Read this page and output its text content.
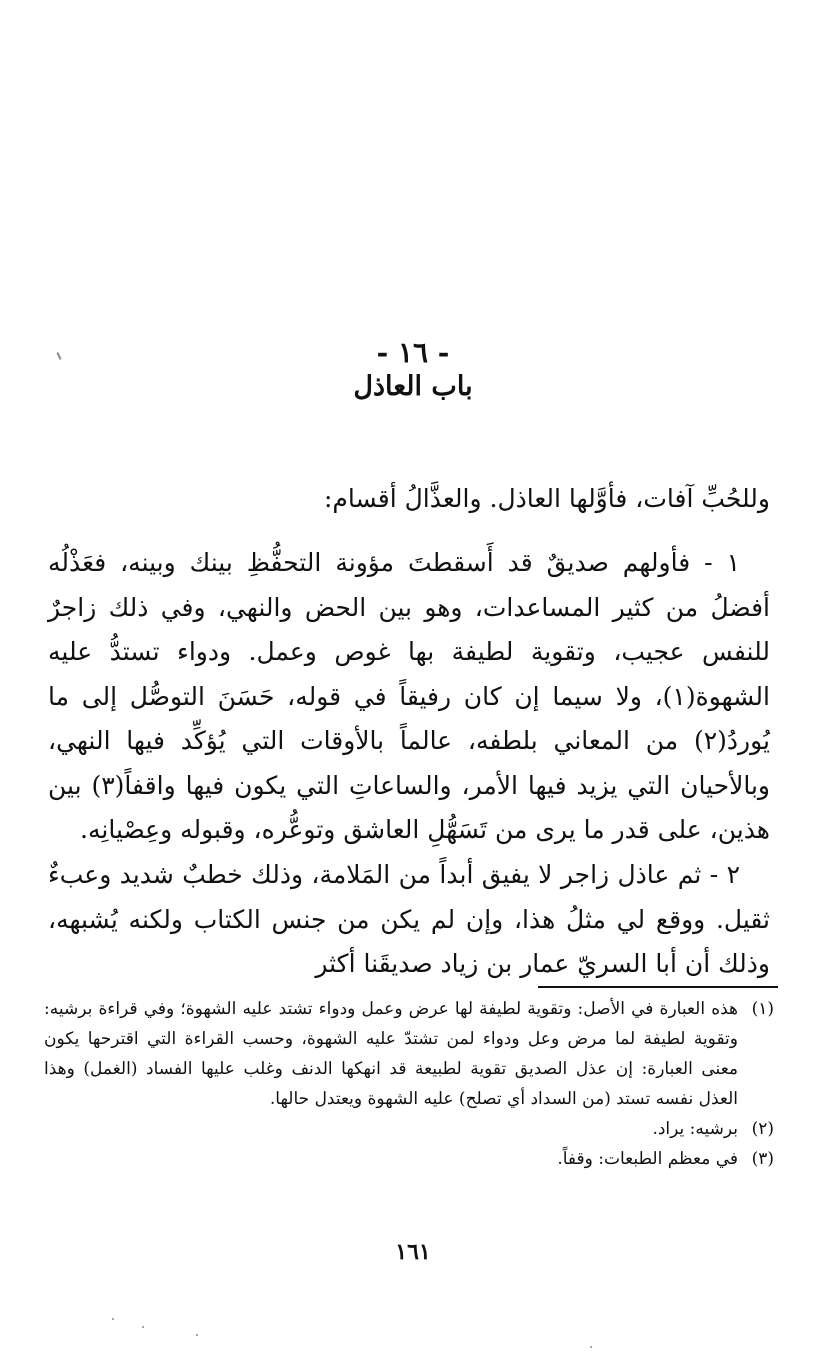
- ١٦ -
باب العاذل

وللحُبِّ آفات، فأوَّلها العاذل. والعذَّالُ أقسام:

١ - فأولهم صديقٌ قد أَسقطتَ مؤونة التحفُّظِ بينك وبينه، فعَذْلُه أفضلُ من كثير المساعدات، وهو بين الحض والنهي، وفي ذلك زاجرٌ للنفس عجيب، وتقوية لطيفة بها غوص وعمل. ودواء تستدُّ عليه الشهوة(١)، ولا سيما إن كان رفيقاً في قوله، حَسَنَ التوصُّل إلى ما يُوردُ(٢) من المعاني بلطفه، عالماً بالأوقات التي يُؤكِّد فيها النهي، وبالأحيان التي يزيد فيها الأمر، والساعاتِ التي يكون فيها واقفاً(٣) بين هذين، على قدر ما يرى من تَسَهُّلِ العاشق وتوعُّره، وقبوله وعِصْيانِه.

٢ - ثم عاذل زاجر لا يفيق أبداً من المَلامة، وذلك خطبٌ شديد وعبءٌ ثقيل. ووقع لي مثلُ هذا، وإن لم يكن من جنس الكتاب ولكنه يُشبهه، وذلك أن أبا السريّ عمار بن زياد صديقَنا أكثر

(١)
هذه العبارة في الأصل: وتقوية لطيفة لها عرض وعمل ودواء تشتد عليه الشهوة؛ وفي قراءة برشيه: وتقوية لطيفة لما مرض وعل ودواء لمن تشتدّ عليه الشهوة، وحسب القراءة التي اقترحها يكون معنى العبارة: إن عذل الصديق تقوية لطبيعة قد انهكها الدنف وغلب عليها الفساد (الغمل) وهذا العذل نفسه تستد (من السداد أي تصلح) عليه الشهوة ويعتدل حالها.
(٢)
برشيه: يراد.
(٣)
في معظم الطبعات: وقفاً.
١٦١
